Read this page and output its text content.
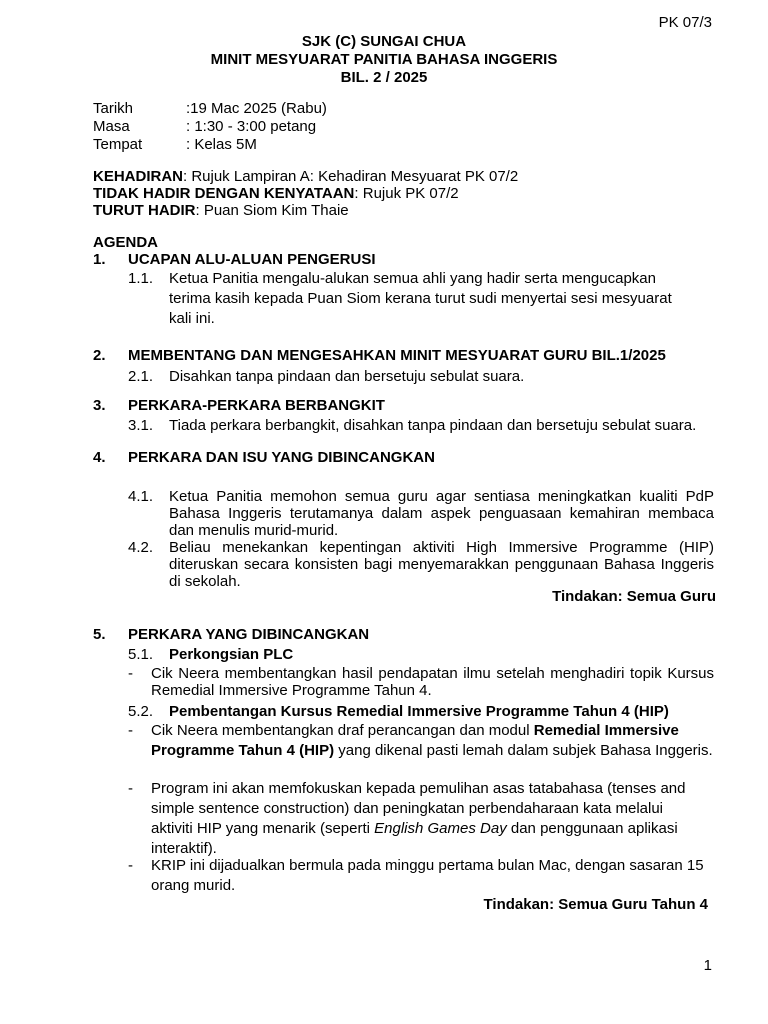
PK 07/3
SJK (C) SUNGAI CHUA
MINIT MESYUARAT PANITIA BAHASA INGGERIS
BIL. 2 / 2025
Tarikh	:19 Mac 2025 (Rabu)
Masa	: 1:30 - 3:00 petang
Tempat	: Kelas 5M
KEHADIRAN: Rujuk Lampiran A: Kehadiran Mesyuarat PK 07/2
TIDAK HADIR DENGAN KENYATAAN: Rujuk PK 07/2
TURUT HADIR: Puan Siom Kim Thaie
AGENDA
1. UCAPAN ALU-ALUAN PENGERUSI
1.1. Ketua Panitia mengalu-alukan semua ahli yang hadir serta mengucapkan terima kasih kepada Puan Siom kerana turut sudi menyertai sesi mesyuarat kali ini.
2. MEMBENTANG DAN MENGESAHKAN MINIT MESYUARAT GURU BIL.1/2025
2.1. Disahkan tanpa pindaan dan bersetuju sebulat suara.
3. PERKARA-PERKARA BERBANGKIT
3.1. Tiada perkara berbangkit, disahkan tanpa pindaan dan bersetuju sebulat suara.
4. PERKARA DAN ISU YANG DIBINCANGKAN
4.1. Ketua Panitia memohon semua guru agar sentiasa meningkatkan kualiti PdP Bahasa Inggeris terutamanya dalam aspek penguasaan kemahiran membaca dan menulis murid-murid.
4.2. Beliau menekankan kepentingan aktiviti High Immersive Programme (HIP) diteruskan secara konsisten bagi menyemarakkan penggunaan Bahasa Inggeris di sekolah.
Tindakan: Semua Guru
5. PERKARA YANG DIBINCANGKAN
5.1. Perkongsian PLC
- Cik Neera membentangkan hasil pendapatan ilmu setelah menghadiri topik Kursus Remedial Immersive Programme Tahun 4.
5.2. Pembentangan Kursus Remedial Immersive Programme Tahun 4 (HIP)
- Cik Neera membentangkan draf perancangan dan modul Remedial Immersive Programme Tahun 4 (HIP) yang dikenal pasti lemah dalam subjek Bahasa Inggeris.
- Program ini akan memfokuskan kepada pemulihan asas tatabahasa (tenses and simple sentence construction) dan peningkatan perbendaharaan kata melalui aktiviti HIP yang menarik (seperti English Games Day dan penggunaan aplikasi interaktif).
- KRIP ini dijadualkan bermula pada minggu pertama bulan Mac, dengan sasaran 15 orang murid.
Tindakan: Semua Guru Tahun 4
1
